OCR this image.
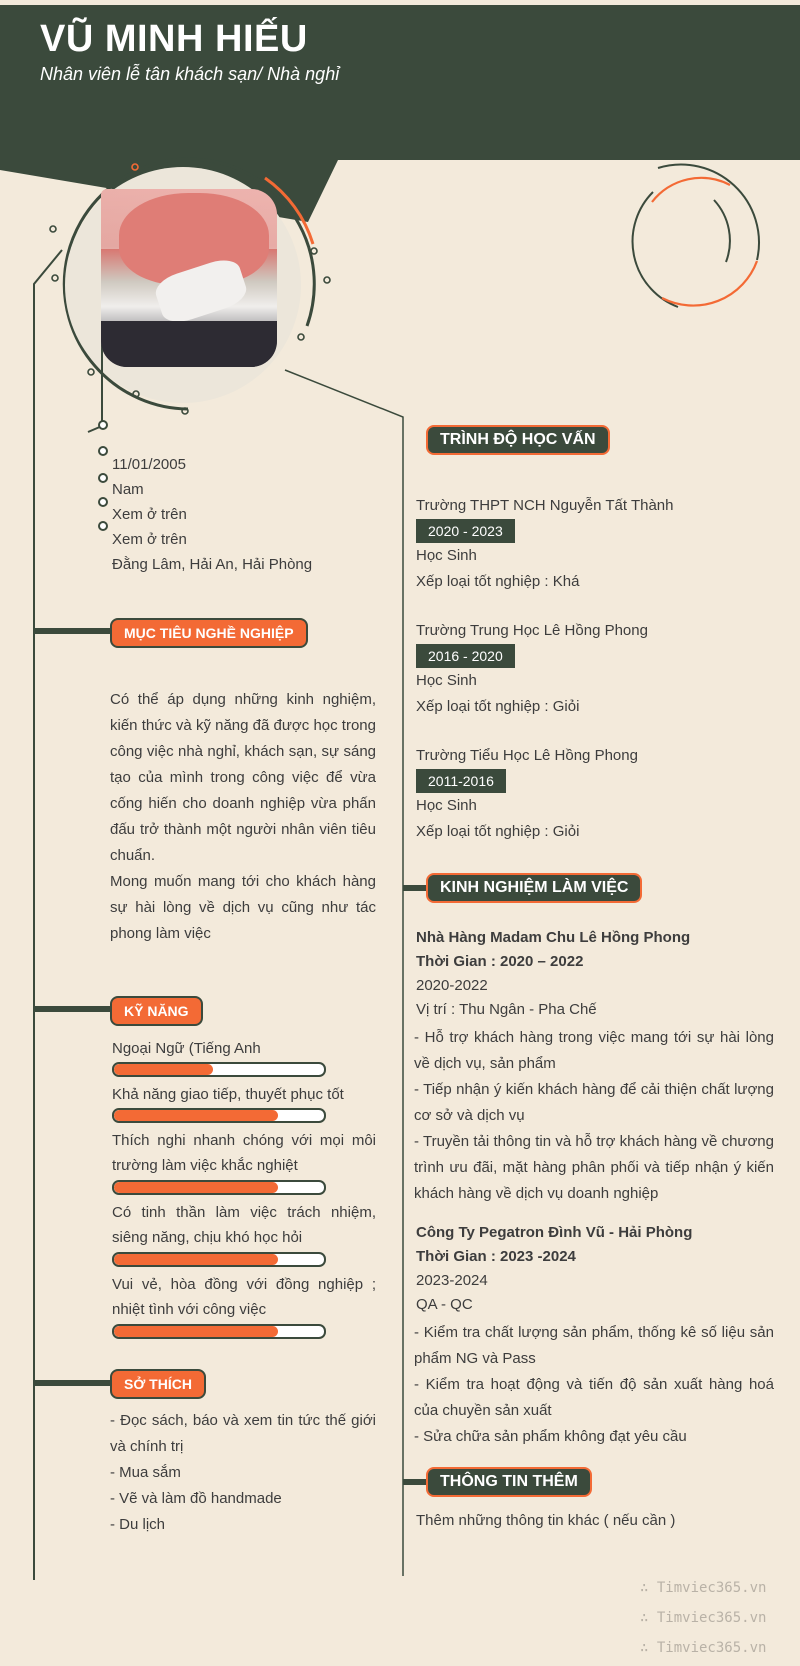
VŨ MINH HIẾU
Nhân viên lễ tân khách sạn/ Nhà nghỉ
11/01/2005
Nam
Xem ở trên
Xem ở trên
Đằng Lâm, Hải An, Hải Phòng
MỤC TIÊU NGHỀ NGHIỆP
Có thể áp dụng những kinh nghiệm, kiến thức và kỹ năng đã được học trong công việc nhà nghỉ, khách sạn, sự sáng tạo của mình trong công việc để vừa cống hiến cho doanh nghiệp vừa phấn đấu trở thành một người nhân viên tiêu chuẩn.
Mong muốn mang tới cho khách hàng sự hài lòng về dịch vụ cũng như tác phong làm việc
KỸ NĂNG
Ngoại Ngữ (Tiếng Anh
Khả năng giao tiếp, thuyết phục tốt
Thích nghi nhanh chóng với mọi môi trường làm việc khắc nghiệt
Có tinh thần làm việc trách nhiệm, siêng năng, chịu khó học hỏi
Vui vẻ, hòa đồng với đồng nghiệp ; nhiệt tình với công việc
SỞ THÍCH
- Đọc sách, báo và xem tin tức thế giới và chính trị
- Mua sắm
- Vẽ và làm đồ handmade
- Du lịch
TRÌNH ĐỘ HỌC VẤN
Trường THPT NCH Nguyễn Tất Thành
2020 - 2023
Học Sinh
Xếp loại tốt nghiệp : Khá
Trường Trung Học Lê Hồng Phong
2016 - 2020
Học Sinh
Xếp loại tốt nghiệp : Giỏi
Trường Tiểu Học Lê Hồng Phong
2011-2016
Học Sinh
Xếp loại tốt nghiệp : Giỏi
KINH NGHIỆM LÀM VIỆC
Nhà Hàng Madam Chu Lê Hồng Phong
Thời Gian : 2020 – 2022
2020-2022
Vị trí : Thu Ngân - Pha Chế
- Hỗ trợ khách hàng trong việc mang tới sự hài lòng về dịch vụ, sản phẩm
- Tiếp nhận ý kiến khách hàng để cải thiện chất lượng cơ sở và dịch vụ
- Truyền tải thông tin và hỗ trợ khách hàng về chương trình ưu đãi, mặt hàng phân phối và tiếp nhận ý kiến khách hàng về dịch vụ doanh nghiệp
Công Ty Pegatron Đình Vũ - Hải Phòng
Thời Gian : 2023 -2024
2023-2024
QA - QC
- Kiểm tra chất lượng sản phẩm, thống kê số liệu sản phẩm NG và Pass
- Kiểm tra hoạt động và tiến độ sản xuất hàng hoá của chuyền sản xuất
- Sửa chữa sản phẩm không đạt yêu cầu
THÔNG TIN THÊM
Thêm những thông tin khác ( nếu cần )
∴ Timviec365.vn
∴ Timviec365.vn
∴ Timviec365.vn
